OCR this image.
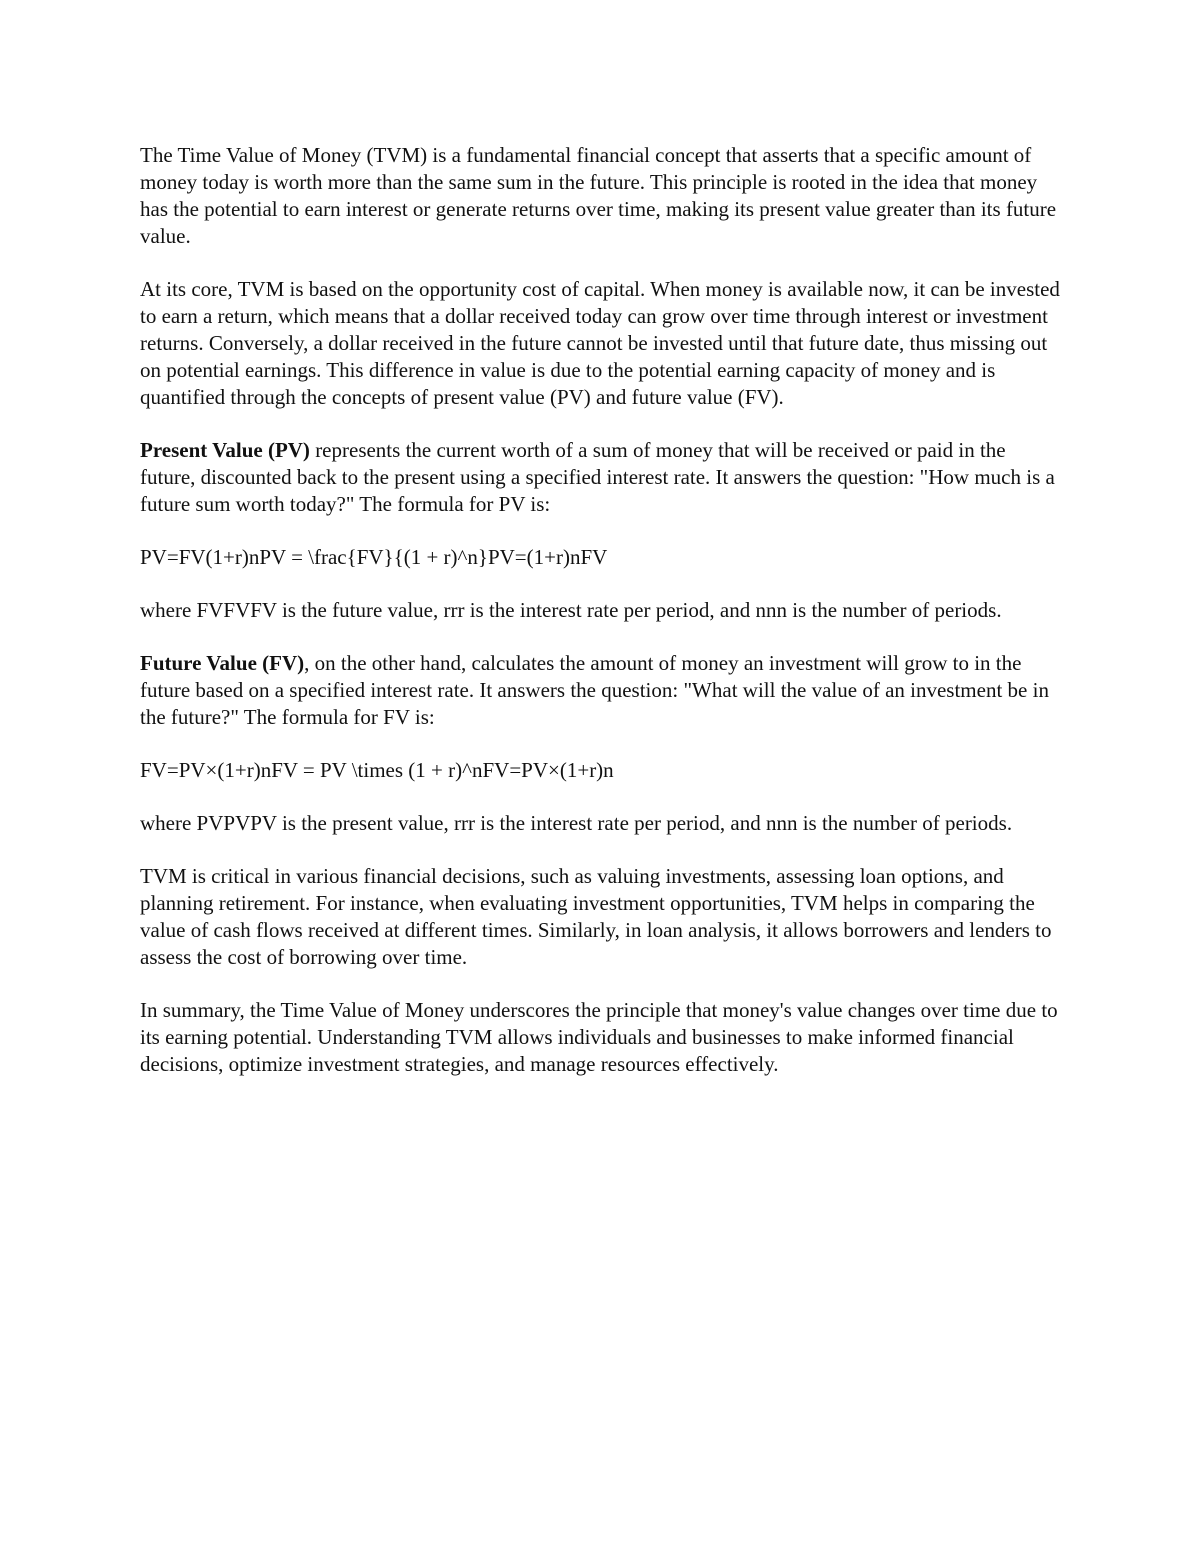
The Time Value of Money (TVM) is a fundamental financial concept that asserts that a specific amount of money today is worth more than the same sum in the future. This principle is rooted in the idea that money has the potential to earn interest or generate returns over time, making its present value greater than its future value.

At its core, TVM is based on the opportunity cost of capital. When money is available now, it can be invested to earn a return, which means that a dollar received today can grow over time through interest or investment returns. Conversely, a dollar received in the future cannot be invested until that future date, thus missing out on potential earnings. This difference in value is due to the potential earning capacity of money and is quantified through the concepts of present value (PV) and future value (FV).

Present Value (PV) represents the current worth of a sum of money that will be received or paid in the future, discounted back to the present using a specified interest rate. It answers the question: "How much is a future sum worth today?" The formula for PV is:

PV=FV(1+r)nPV = \frac{FV}{(1 + r)^n}PV=(1+r)nFV

where FVFVFV is the future value, rrr is the interest rate per period, and nnn is the number of periods.

Future Value (FV), on the other hand, calculates the amount of money an investment will grow to in the future based on a specified interest rate. It answers the question: "What will the value of an investment be in the future?" The formula for FV is:

FV=PV×(1+r)nFV = PV \times (1 + r)^nFV=PV×(1+r)n

where PVPVPV is the present value, rrr is the interest rate per period, and nnn is the number of periods.

TVM is critical in various financial decisions, such as valuing investments, assessing loan options, and planning retirement. For instance, when evaluating investment opportunities, TVM helps in comparing the value of cash flows received at different times. Similarly, in loan analysis, it allows borrowers and lenders to assess the cost of borrowing over time.

In summary, the Time Value of Money underscores the principle that money's value changes over time due to its earning potential. Understanding TVM allows individuals and businesses to make informed financial decisions, optimize investment strategies, and manage resources effectively.
